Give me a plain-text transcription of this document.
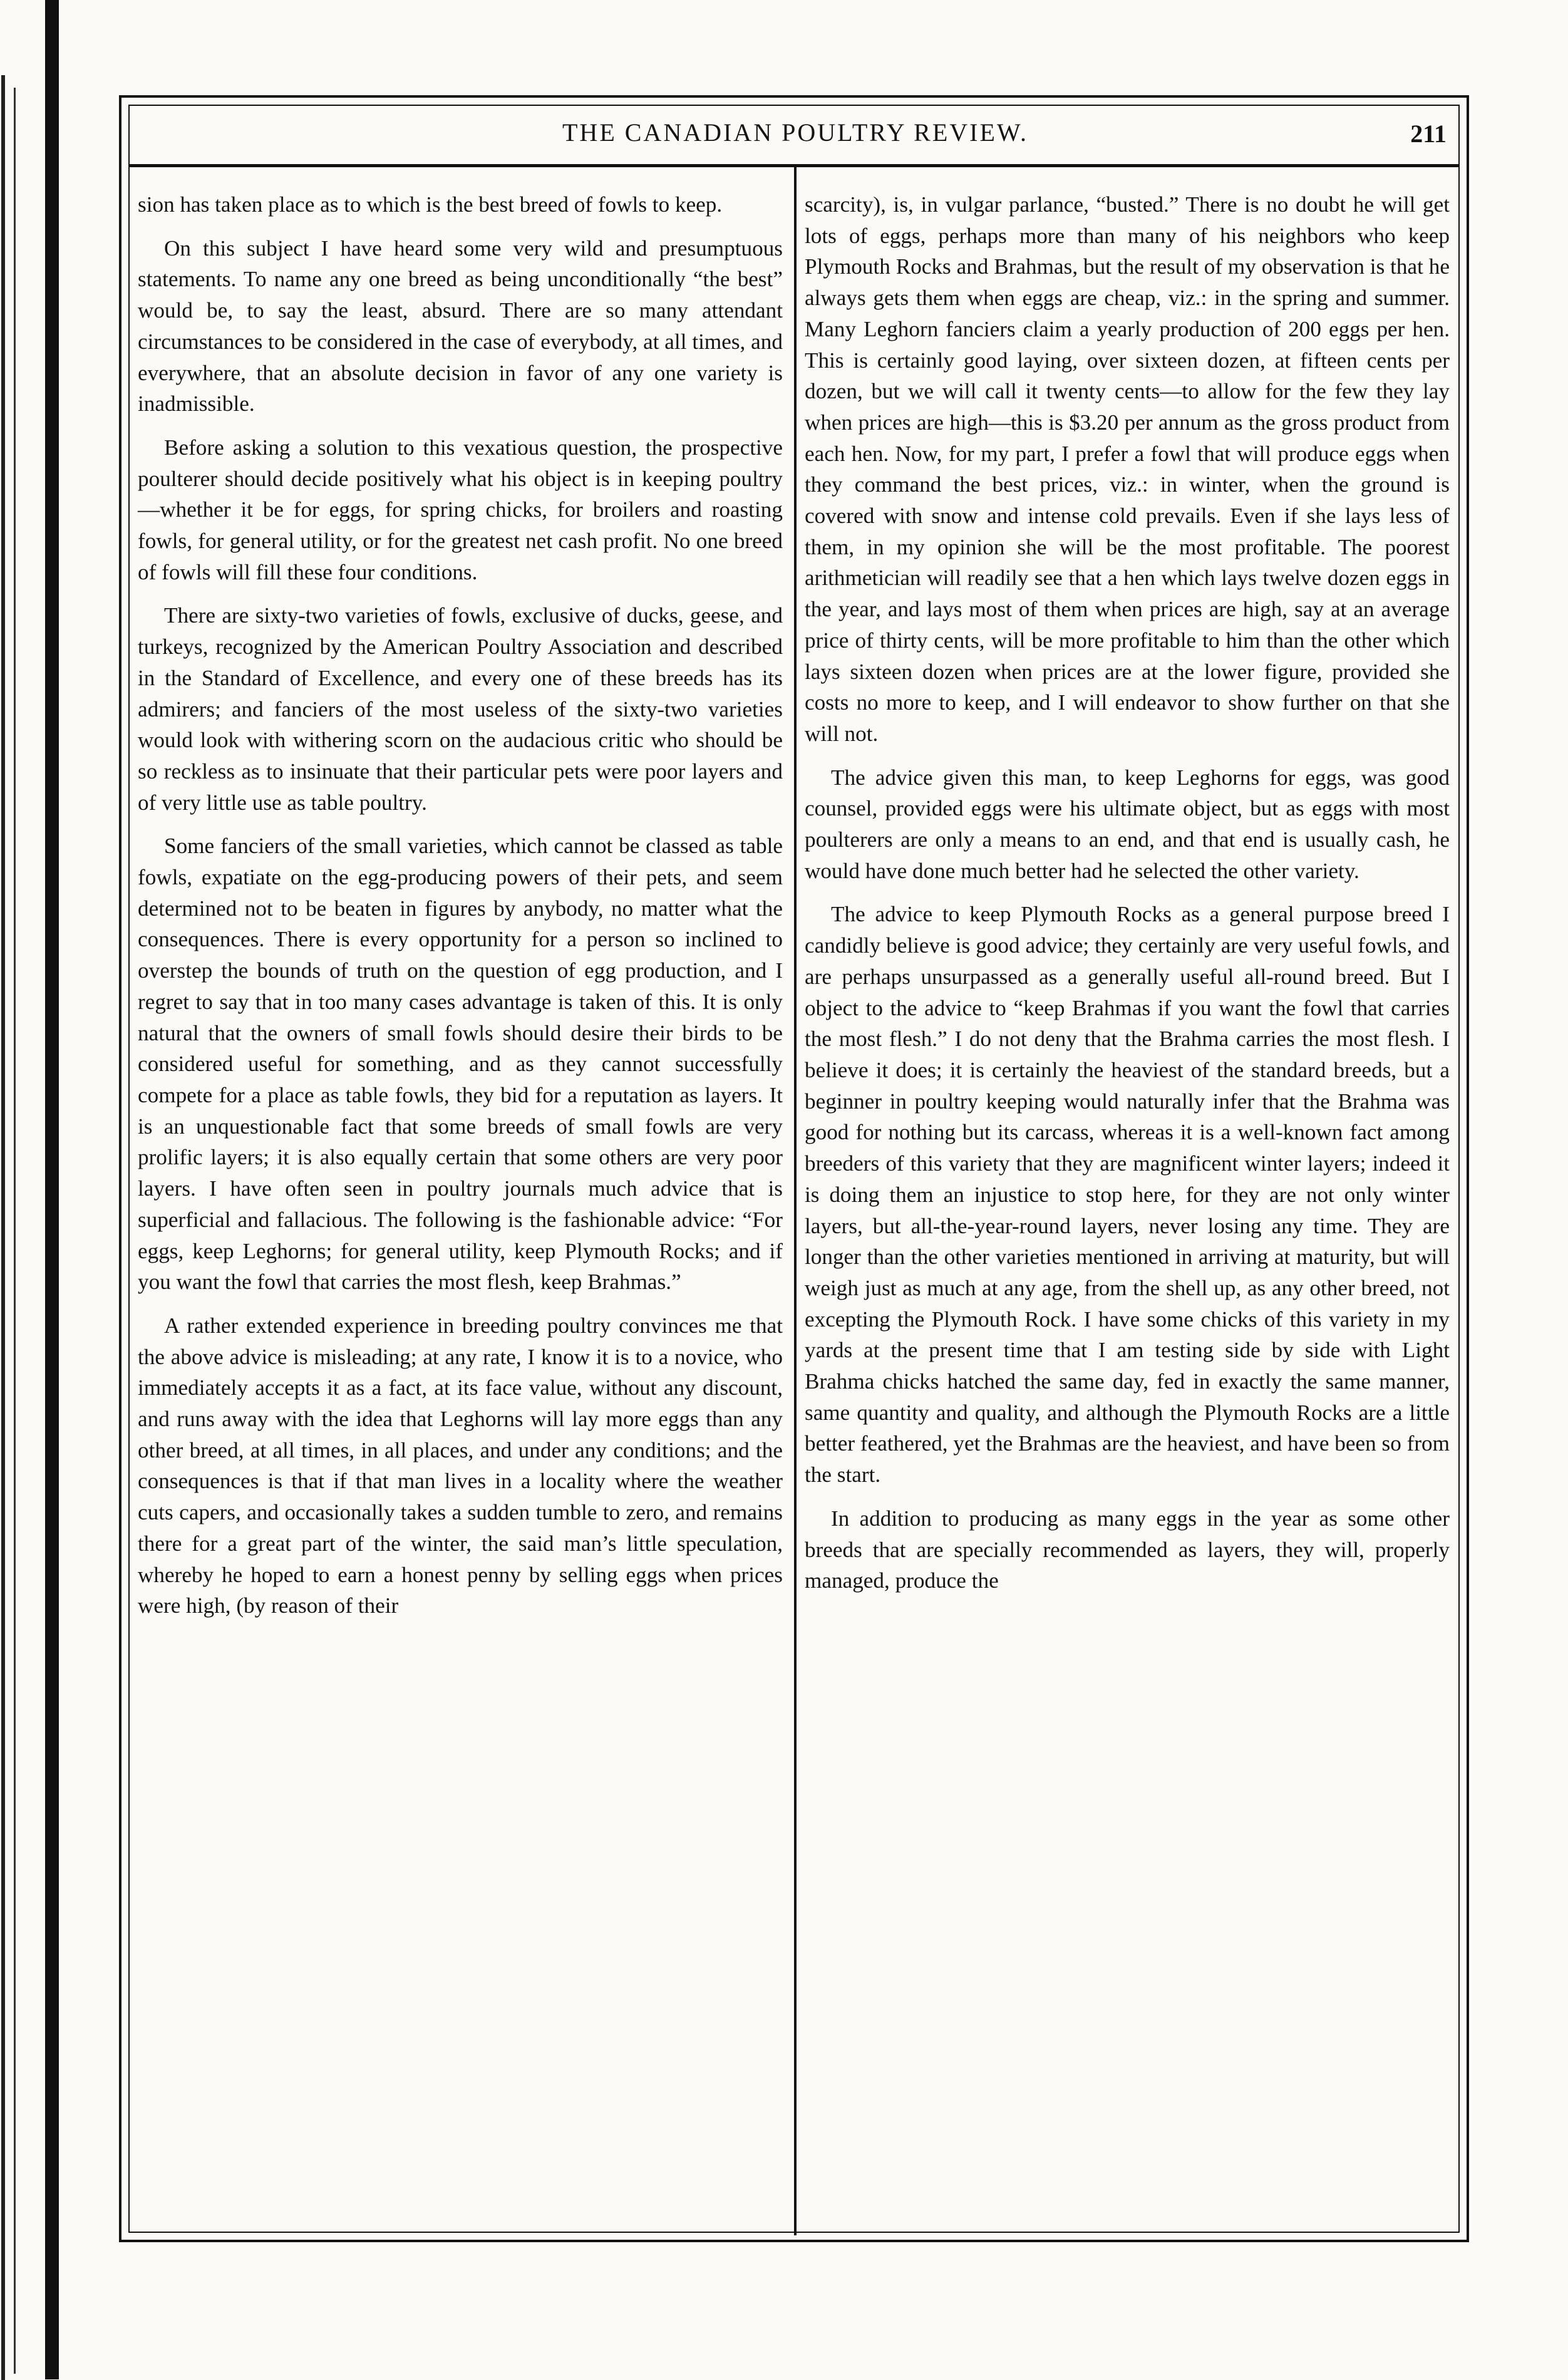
THE CANADIAN POULTRY REVIEW.	211

sion has taken place as to which is the best breed of fowls to keep.

On this subject I have heard some very wild and presumptuous statements. To name any one breed as being unconditionally “the best” would be, to say the least, absurd. There are so many attendant circumstances to be considered in the case of everybody, at all times, and everywhere, that an absolute decision in favor of any one variety is inadmissible.

Before asking a solution to this vexatious question, the prospective poulterer should decide positively what his object is in keeping poultry—whether it be for eggs, for spring chicks, for broilers and roasting fowls, for general utility, or for the greatest net cash profit. No one breed of fowls will fill these four conditions.

There are sixty-two varieties of fowls, exclusive of ducks, geese, and turkeys, recognized by the American Poultry Association and described in the Standard of Excellence, and every one of these breeds has its admirers; and fanciers of the most useless of the sixty-two varieties would look with withering scorn on the audacious critic who should be so reckless as to insinuate that their particular pets were poor layers and of very little use as table poultry.

Some fanciers of the small varieties, which cannot be classed as table fowls, expatiate on the egg-producing powers of their pets, and seem determined not to be beaten in figures by anybody, no matter what the consequences. There is every opportunity for a person so inclined to overstep the bounds of truth on the question of egg production, and I regret to say that in too many cases advantage is taken of this. It is only natural that the owners of small fowls should desire their birds to be considered useful for something, and as they cannot successfully compete for a place as table fowls, they bid for a reputation as layers. It is an unquestionable fact that some breeds of small fowls are very prolific layers; it is also equally certain that some others are very poor layers. I have often seen in poultry journals much advice that is superficial and fallacious. The following is the fashionable advice: “For eggs, keep Leghorns; for general utility, keep Plymouth Rocks; and if you want the fowl that carries the most flesh, keep Brahmas.”

A rather extended experience in breeding poultry convinces me that the above advice is misleading; at any rate, I know it is to a novice, who immediately accepts it as a fact, at its face value, without any discount, and runs away with the idea that Leghorns will lay more eggs than any other breed, at all times, in all places, and under any conditions; and the consequences is that if that man lives in a locality where the weather cuts capers, and occasionally takes a sudden tumble to zero, and remains there for a great part of the winter, the said man’s little speculation, whereby he hoped to earn a honest penny by selling eggs when prices were high, (by reason of their

scarcity), is, in vulgar parlance, “busted.” There is no doubt he will get lots of eggs, perhaps more than many of his neighbors who keep Plymouth Rocks and Brahmas, but the result of my observation is that he always gets them when eggs are cheap, viz.: in the spring and summer. Many Leghorn fanciers claim a yearly production of 200 eggs per hen. This is certainly good laying, over sixteen dozen, at fifteen cents per dozen, but we will call it twenty cents—to allow for the few they lay when prices are high—this is $3.20 per annum as the gross product from each hen. Now, for my part, I prefer a fowl that will produce eggs when they command the best prices, viz.: in winter, when the ground is covered with snow and intense cold prevails. Even if she lays less of them, in my opinion she will be the most profitable. The poorest arithmetician will readily see that a hen which lays twelve dozen eggs in the year, and lays most of them when prices are high, say at an average price of thirty cents, will be more profitable to him than the other which lays sixteen dozen when prices are at the lower figure, provided she costs no more to keep, and I will endeavor to show further on that she will not.

The advice given this man, to keep Leghorns for eggs, was good counsel, provided eggs were his ultimate object, but as eggs with most poulterers are only a means to an end, and that end is usually cash, he would have done much better had he selected the other variety.

The advice to keep Plymouth Rocks as a general purpose breed I candidly believe is good advice; they certainly are very useful fowls, and are perhaps unsurpassed as a generally useful all-round breed. But I object to the advice to “keep Brahmas if you want the fowl that carries the most flesh.” I do not deny that the Brahma carries the most flesh. I believe it does; it is certainly the heaviest of the standard breeds, but a beginner in poultry keeping would naturally infer that the Brahma was good for nothing but its carcass, whereas it is a well-known fact among breeders of this variety that they are magnificent winter layers; indeed it is doing them an injustice to stop here, for they are not only winter layers, but all-the-year-round layers, never losing any time. They are longer than the other varieties mentioned in arriving at maturity, but will weigh just as much at any age, from the shell up, as any other breed, not excepting the Plymouth Rock. I have some chicks of this variety in my yards at the present time that I am testing side by side with Light Brahma chicks hatched the same day, fed in exactly the same manner, same quantity and quality, and although the Plymouth Rocks are a little better feathered, yet the Brahmas are the heaviest, and have been so from the start.

In addition to producing as many eggs in the year as some other breeds that are specially recommended as layers, they will, properly managed, produce the
